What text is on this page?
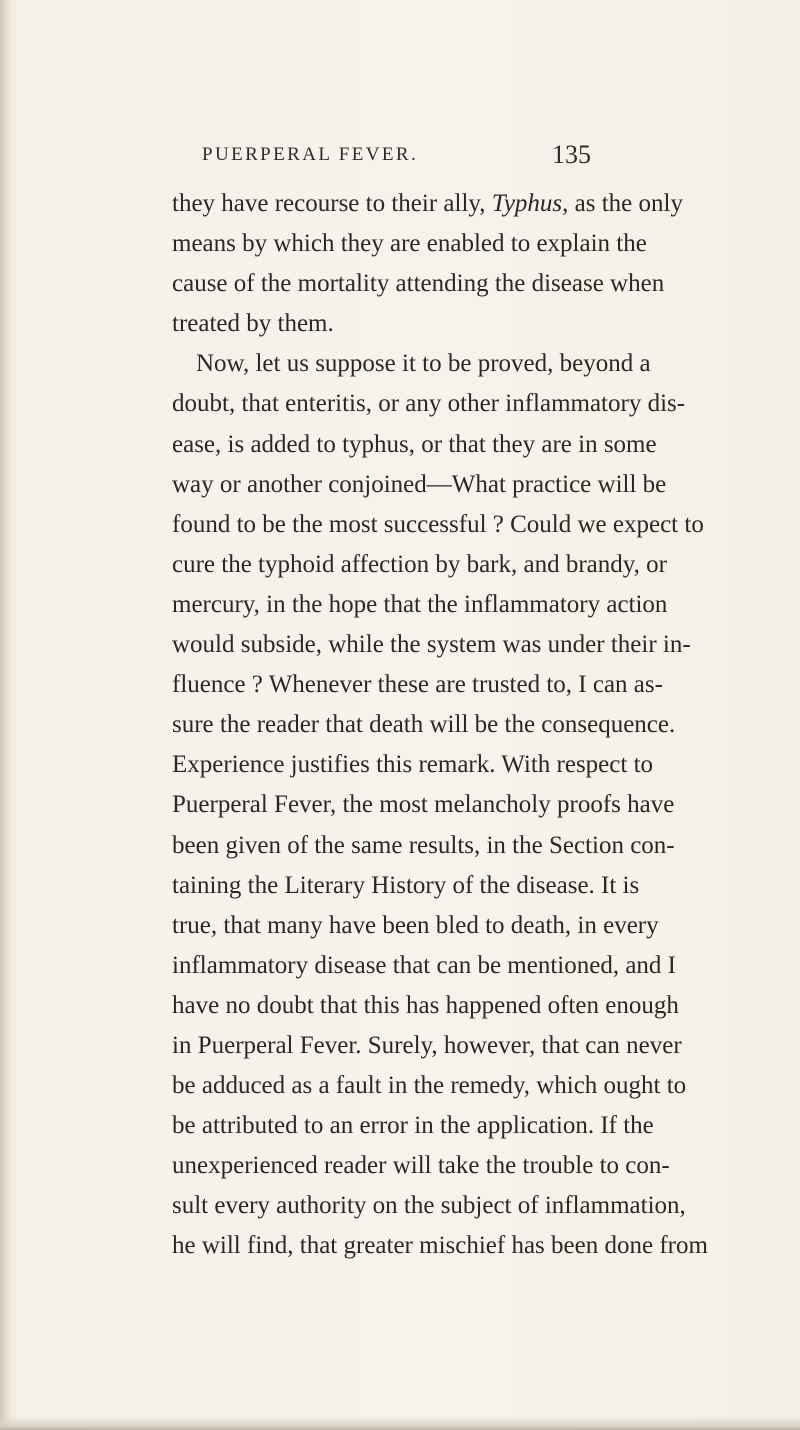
PUERPERAL FEVER.	135
they have recourse to their ally, Typhus, as the only
means by which they are enabled to explain the
cause of the mortality attending the disease when
treated by them.
Now, let us suppose it to be proved, beyond a
doubt, that enteritis, or any other inflammatory dis-
ease, is added to typhus, or that they are in some
way or another conjoined—What practice will be
found to be the most successful ? Could we expect to
cure the typhoid affection by bark, and brandy, or
mercury, in the hope that the inflammatory action
would subside, while the system was under their in-
fluence ? Whenever these are trusted to, I can as-
sure the reader that death will be the consequence.
Experience justifies this remark. With respect to
Puerperal Fever, the most melancholy proofs have
been given of the same results, in the Section con-
taining the Literary History of the disease. It is
true, that many have been bled to death, in every
inflammatory disease that can be mentioned, and I
have no doubt that this has happened often enough
in Puerperal Fever. Surely, however, that can never
be adduced as a fault in the remedy, which ought to
be attributed to an error in the application. If the
unexperienced reader will take the trouble to con-
sult every authority on the subject of inflammation,
he will find, that greater mischief has been done from
